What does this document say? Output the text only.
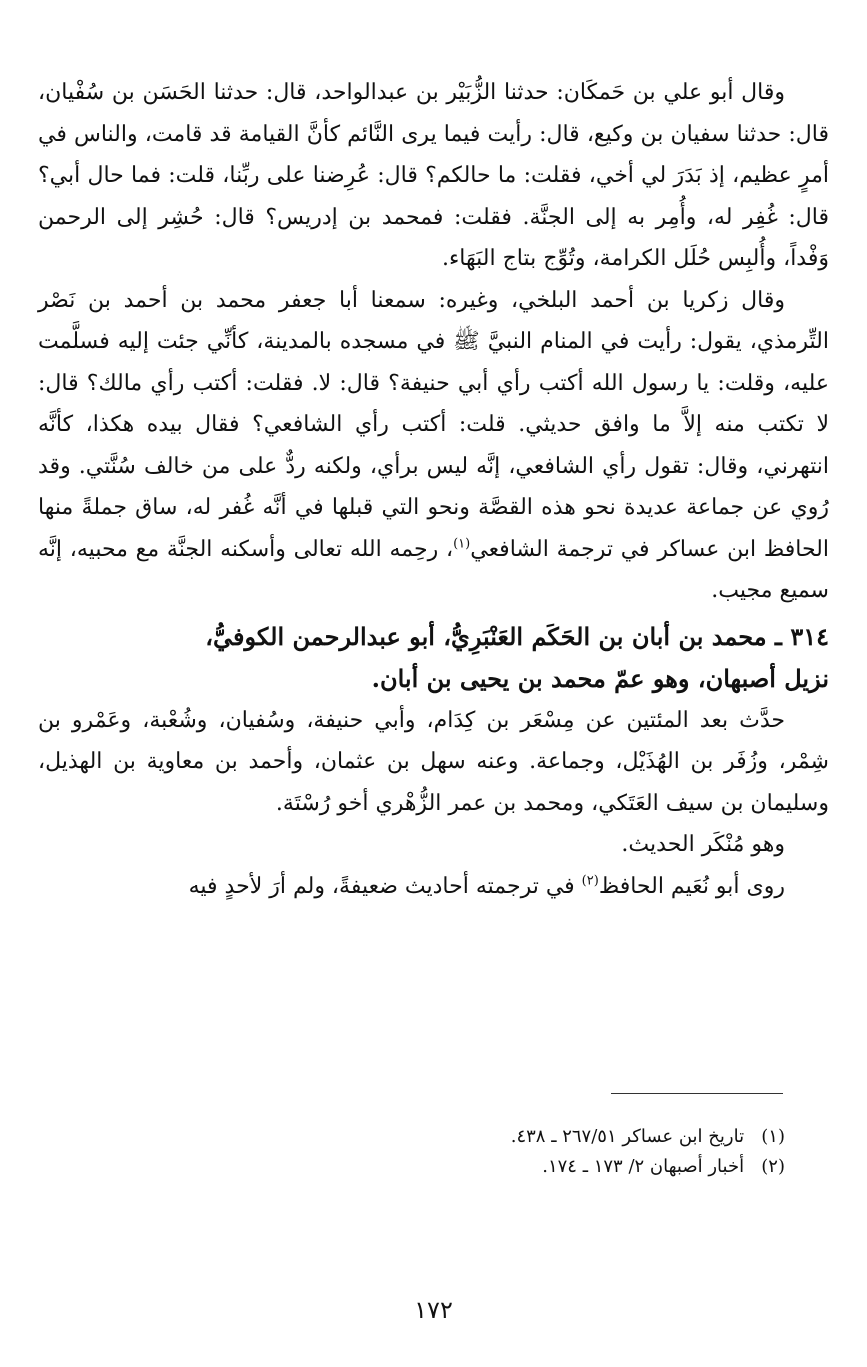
وقال أبو علي بن حَمكَان: حدثنا الزُّبَيْر بن عبدالواحد، قال: حدثنا الحَسَن بن سُفْيان، قال: حدثنا سفيان بن وكيع، قال: رأيت فيما يرى النَّائم كأنَّ القيامة قد قامت، والناس في أمرٍ عظيم، إذ بَدَرَ لي أخي، فقلت: ما حالكم؟ قال: عُرِضنا على ربِّنا، قلت: فما حال أبي؟ قال: غُفِر له، وأُمِر به إلى الجنَّة. فقلت: فمحمد بن إدريس؟ قال: حُشِر إلى الرحمن وَفْداً، وأُلبِس حُلَل الكرامة، وتُوِّج بتاج البَهَاء.

وقال زكريا بن أحمد البلخي، وغيره: سمعنا أبا جعفر محمد بن أحمد بن نَصْر التِّرمذي، يقول: رأيت في المنام النبيَّ ﷺ في مسجده بالمدينة، كأنِّي جئت إليه فسلَّمت عليه، وقلت: يا رسول الله أكتب رأي أبي حنيفة؟ قال: لا. فقلت: أكتب رأي مالك؟ قال: لا تكتب منه إلاَّ ما وافق حديثي. قلت: أكتب رأي الشافعي؟ فقال بيده هكذا، كأنَّه انتهرني، وقال: تقول رأي الشافعي، إنَّه ليس برأي، ولكنه ردٌّ على من خالف سُنَّتي. وقد رُوي عن جماعة عديدة نحو هذه القصَّة ونحو التي قبلها في أنَّه غُفر له، ساق جملةً منها الحافظ ابن عساكر في ترجمة الشافعي$^{(١)}$، رحِمه الله تعالى وأسكنه الجنَّة مع محبيه، إنَّه سميع مجيب.

٣١٤ ـ محمد بن أبان بن الحَكَم العَنْبَرِيُّ، أبو عبدالرحمن الكوفيُّ،
نزيل أصبهان، وهو عمّ محمد بن يحيى بن أبان.

حدَّث بعد المئتين عن مِسْعَر بن كِدَام، وأبي حنيفة، وسُفيان، وشُعْبة، وعَمْرو بن شِمْر، وزُفَر بن الهُذَيْل، وجماعة. وعنه سهل بن عثمان، وأحمد بن معاوية بن الهذيل، وسليمان بن سيف العَتَكي، ومحمد بن عمر الزُّهْري أخو رُسْتَة.

وهو مُنْكَر الحديث.

روى أبو نُعَيم الحافظ$^{(٢)}$ في ترجمته أحاديث ضعيفةً، ولم أرَ لأحدٍ فيه

(١)   تاريخ ابن عساكر ٢٦٧/٥١ ـ ٤٣٨.

(٢)   أخبار أصبهان ٢/ ١٧٣ ـ ١٧٤.

١٧٢
